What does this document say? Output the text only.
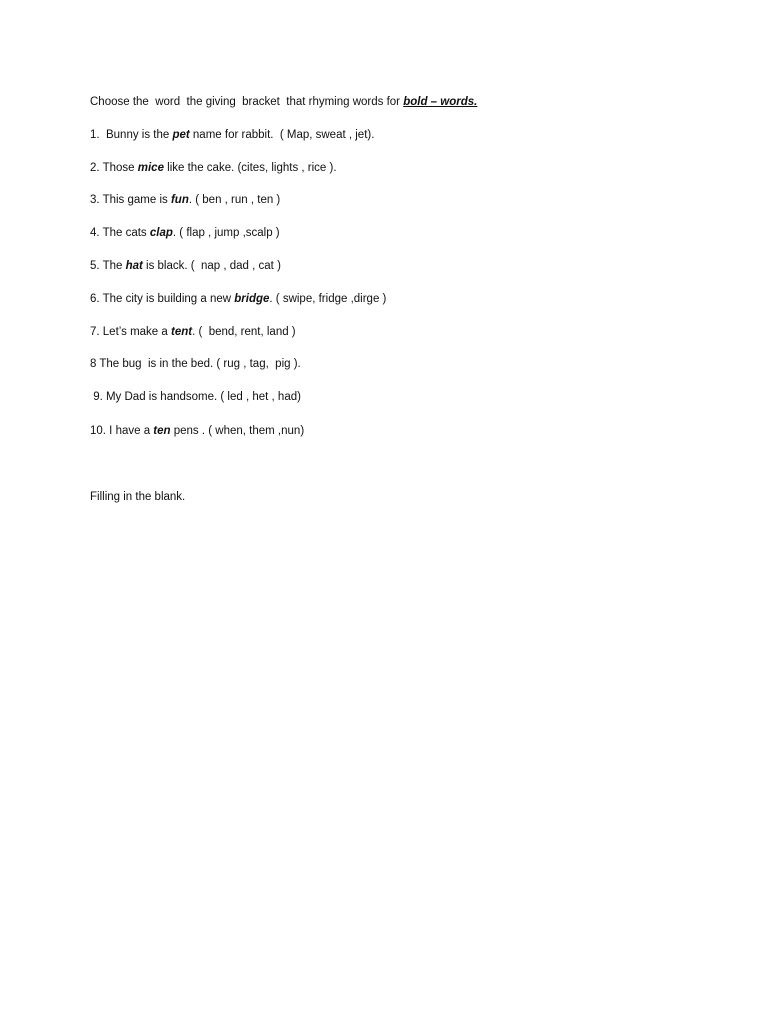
Choose the  word  the giving  bracket  that rhyming words for bold – words.
1.  Bunny is the pet name for rabbit.  ( Map, sweat , jet).
2. Those mice like the cake. (cites, lights , rice ).
3. This game is fun. ( ben , run , ten )
4. The cats clap. ( flap , jump ,scalp )
5. The hat is black. (  nap , dad , cat )
6. The city is building a new bridge. ( swipe, fridge ,dirge )
7. Let’s make a tent. (  bend, rent, land )
8 The bug  is in the bed. ( rug , tag,  pig ).
9. My Dad is handsome. ( led , het , had)
10. I have a ten pens . ( when, them ,nun)
Filling in the blank.
